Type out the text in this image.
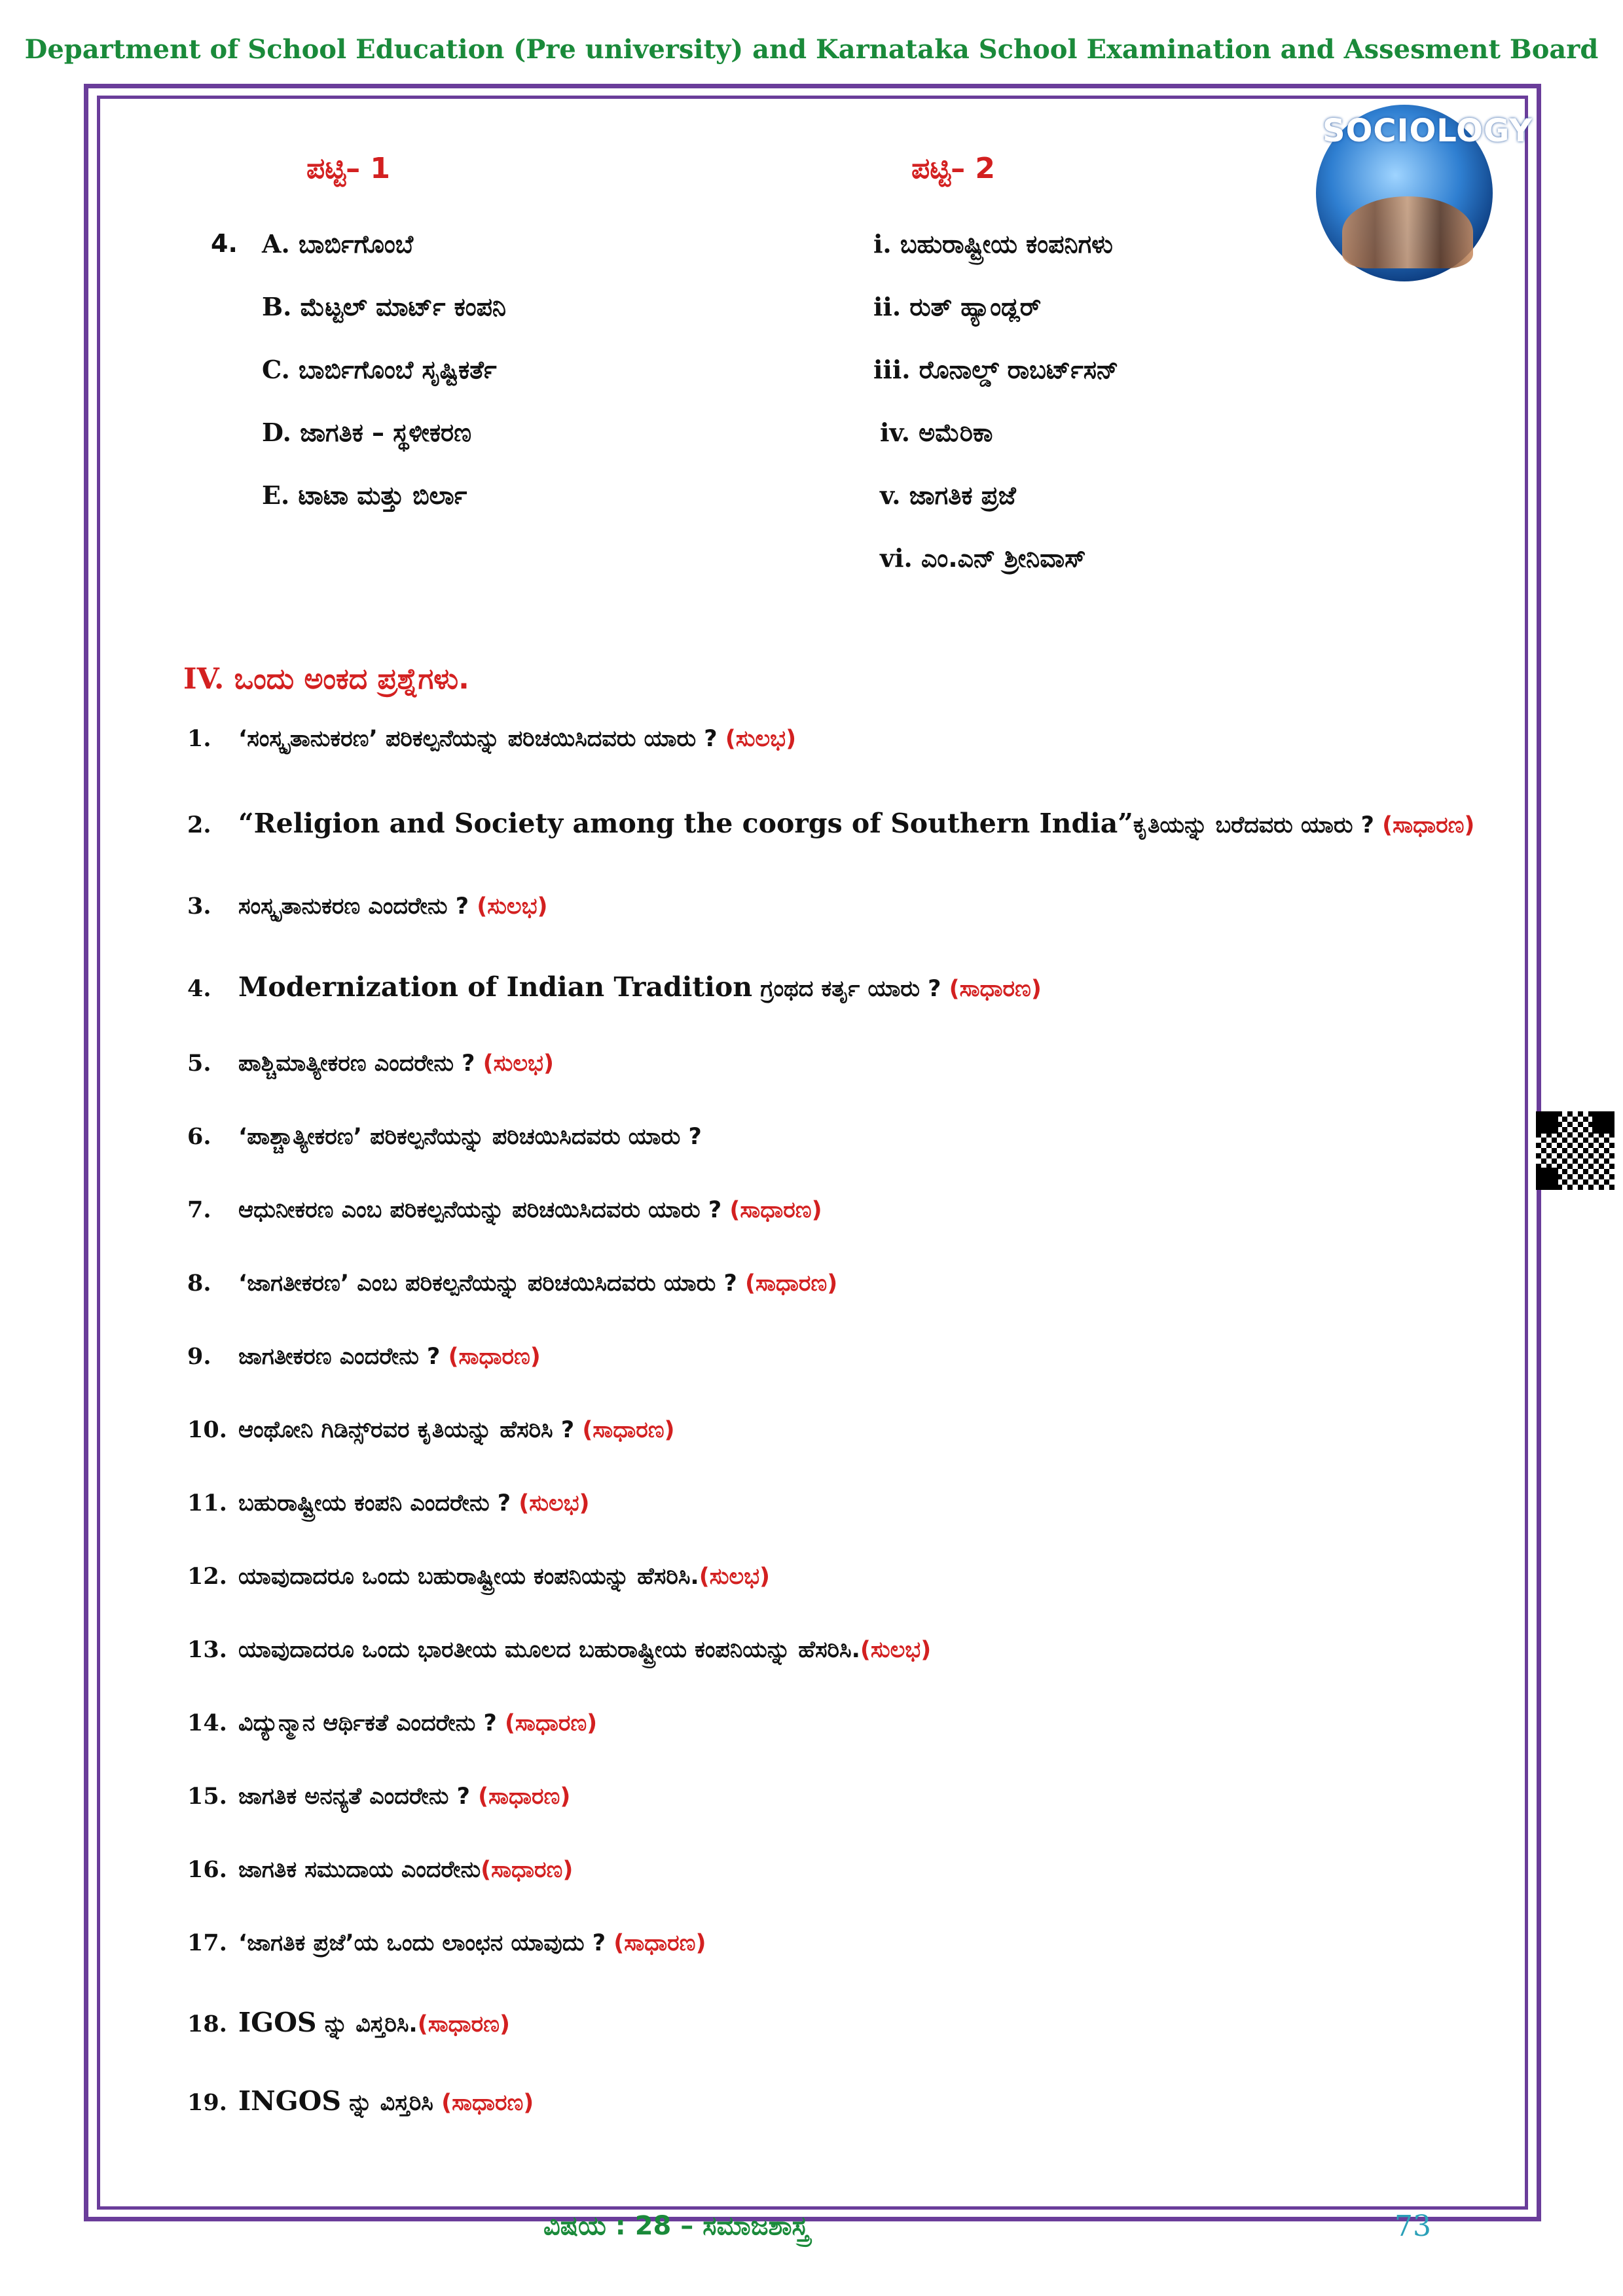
Department of School Education (Pre university) and Karnataka School Examination and Assesment Board
SOCIOLOGY
ಪಟ್ಟಿ– 1	ಪಟ್ಟಿ– 2
4. A. ಬಾರ್ಬಿಗೊಂಬೆ
B. ಮೆಟ್ಟಲ್ ಮಾರ್ಟ್ ಕಂಪನಿ
C. ಬಾರ್ಬಿಗೊಂಬೆ ಸೃಷ್ಟಿಕರ್ತೆ
D. ಜಾಗತಿಕ – ಸ್ಥಳೀಕರಣ
E. ಟಾಟಾ ಮತ್ತು ಬಿರ್ಲಾ
i. ಬಹುರಾಷ್ಟ್ರೀಯ ಕಂಪನಿಗಳು
ii. ರುತ್ ಹ್ಯಾಂಡ್ಲರ್
iii. ರೊನಾಲ್ಡ್ ರಾಬರ್ಟ್‌ಸನ್
iv. ಅಮೆರಿಕಾ
v. ಜಾಗತಿಕ ಪ್ರಜೆ
vi. ಎಂ.ಎನ್ ಶ್ರೀನಿವಾಸ್
IV. ಒಂದು ಅಂಕದ ಪ್ರಶ್ನೆಗಳು.
1. ‘ಸಂಸ್ಕೃತಾನುಕರಣ’ ಪರಿಕಲ್ಪನೆಯನ್ನು ಪರಿಚಯಿಸಿದವರು ಯಾರು ? (ಸುಲಭ)
2. “Religion and Society among the coorgs of Southern India”ಕೃತಿಯನ್ನು ಬರೆದವರು ಯಾರು ? (ಸಾಧಾರಣ)
3. ಸಂಸ್ಕೃತಾನುಕರಣ ಎಂದರೇನು ? (ಸುಲಭ)
4. Modernization of Indian Tradition ಗ್ರಂಥದ ಕರ್ತೃ ಯಾರು ? (ಸಾಧಾರಣ)
5. ಪಾಶ್ಚಿಮಾತ್ಯೀಕರಣ ಎಂದರೇನು ? (ಸುಲಭ)
6. ‘ಪಾಶ್ಚಾತ್ಯೀಕರಣ’ ಪರಿಕಲ್ಪನೆಯನ್ನು ಪರಿಚಯಿಸಿದವರು ಯಾರು ?
7. ಆಧುನೀಕರಣ ಎಂಬ ಪರಿಕಲ್ಪನೆಯನ್ನು ಪರಿಚಯಿಸಿದವರು ಯಾರು ? (ಸಾಧಾರಣ)
8. ‘ಜಾಗತೀಕರಣ’ ಎಂಬ ಪರಿಕಲ್ಪನೆಯನ್ನು ಪರಿಚಯಿಸಿದವರು ಯಾರು ? (ಸಾಧಾರಣ)
9. ಜಾಗತೀಕರಣ ಎಂದರೇನು ? (ಸಾಧಾರಣ)
10. ಆಂಥೋನಿ ಗಿಡಿನ್ಸ್‌ರವರ ಕೃತಿಯನ್ನು ಹೆಸರಿಸಿ ? (ಸಾಧಾರಣ)
11. ಬಹುರಾಷ್ಟ್ರೀಯ ಕಂಪನಿ ಎಂದರೇನು ? (ಸುಲಭ)
12. ಯಾವುದಾದರೂ ಒಂದು ಬಹುರಾಷ್ಟ್ರೀಯ ಕಂಪನಿಯನ್ನು ಹೆಸರಿಸಿ.(ಸುಲಭ)
13. ಯಾವುದಾದರೂ ಒಂದು ಭಾರತೀಯ ಮೂಲದ ಬಹುರಾಷ್ಟ್ರೀಯ ಕಂಪನಿಯನ್ನು ಹೆಸರಿಸಿ.(ಸುಲಭ)
14. ವಿದ್ಯುನ್ಮಾನ ಆರ್ಥಿಕತೆ ಎಂದರೇನು ? (ಸಾಧಾರಣ)
15. ಜಾಗತಿಕ ಅನನ್ಯತೆ ಎಂದರೇನು ? (ಸಾಧಾರಣ)
16. ಜಾಗತಿಕ ಸಮುದಾಯ ಎಂದರೇನು(ಸಾಧಾರಣ)
17. ‘ಜಾಗತಿಕ ಪ್ರಜೆ’ಯ ಒಂದು ಲಾಂಛನ ಯಾವುದು ? (ಸಾಧಾರಣ)
18. IGOS ನ್ನು ವಿಸ್ತರಿಸಿ.(ಸಾಧಾರಣ)
19. INGOS ನ್ನು ವಿಸ್ತರಿಸಿ (ಸಾಧಾರಣ)
ವಿಷಯ : 28 – ಸಮಾಜಶಾಸ್ತ್ರ	73
